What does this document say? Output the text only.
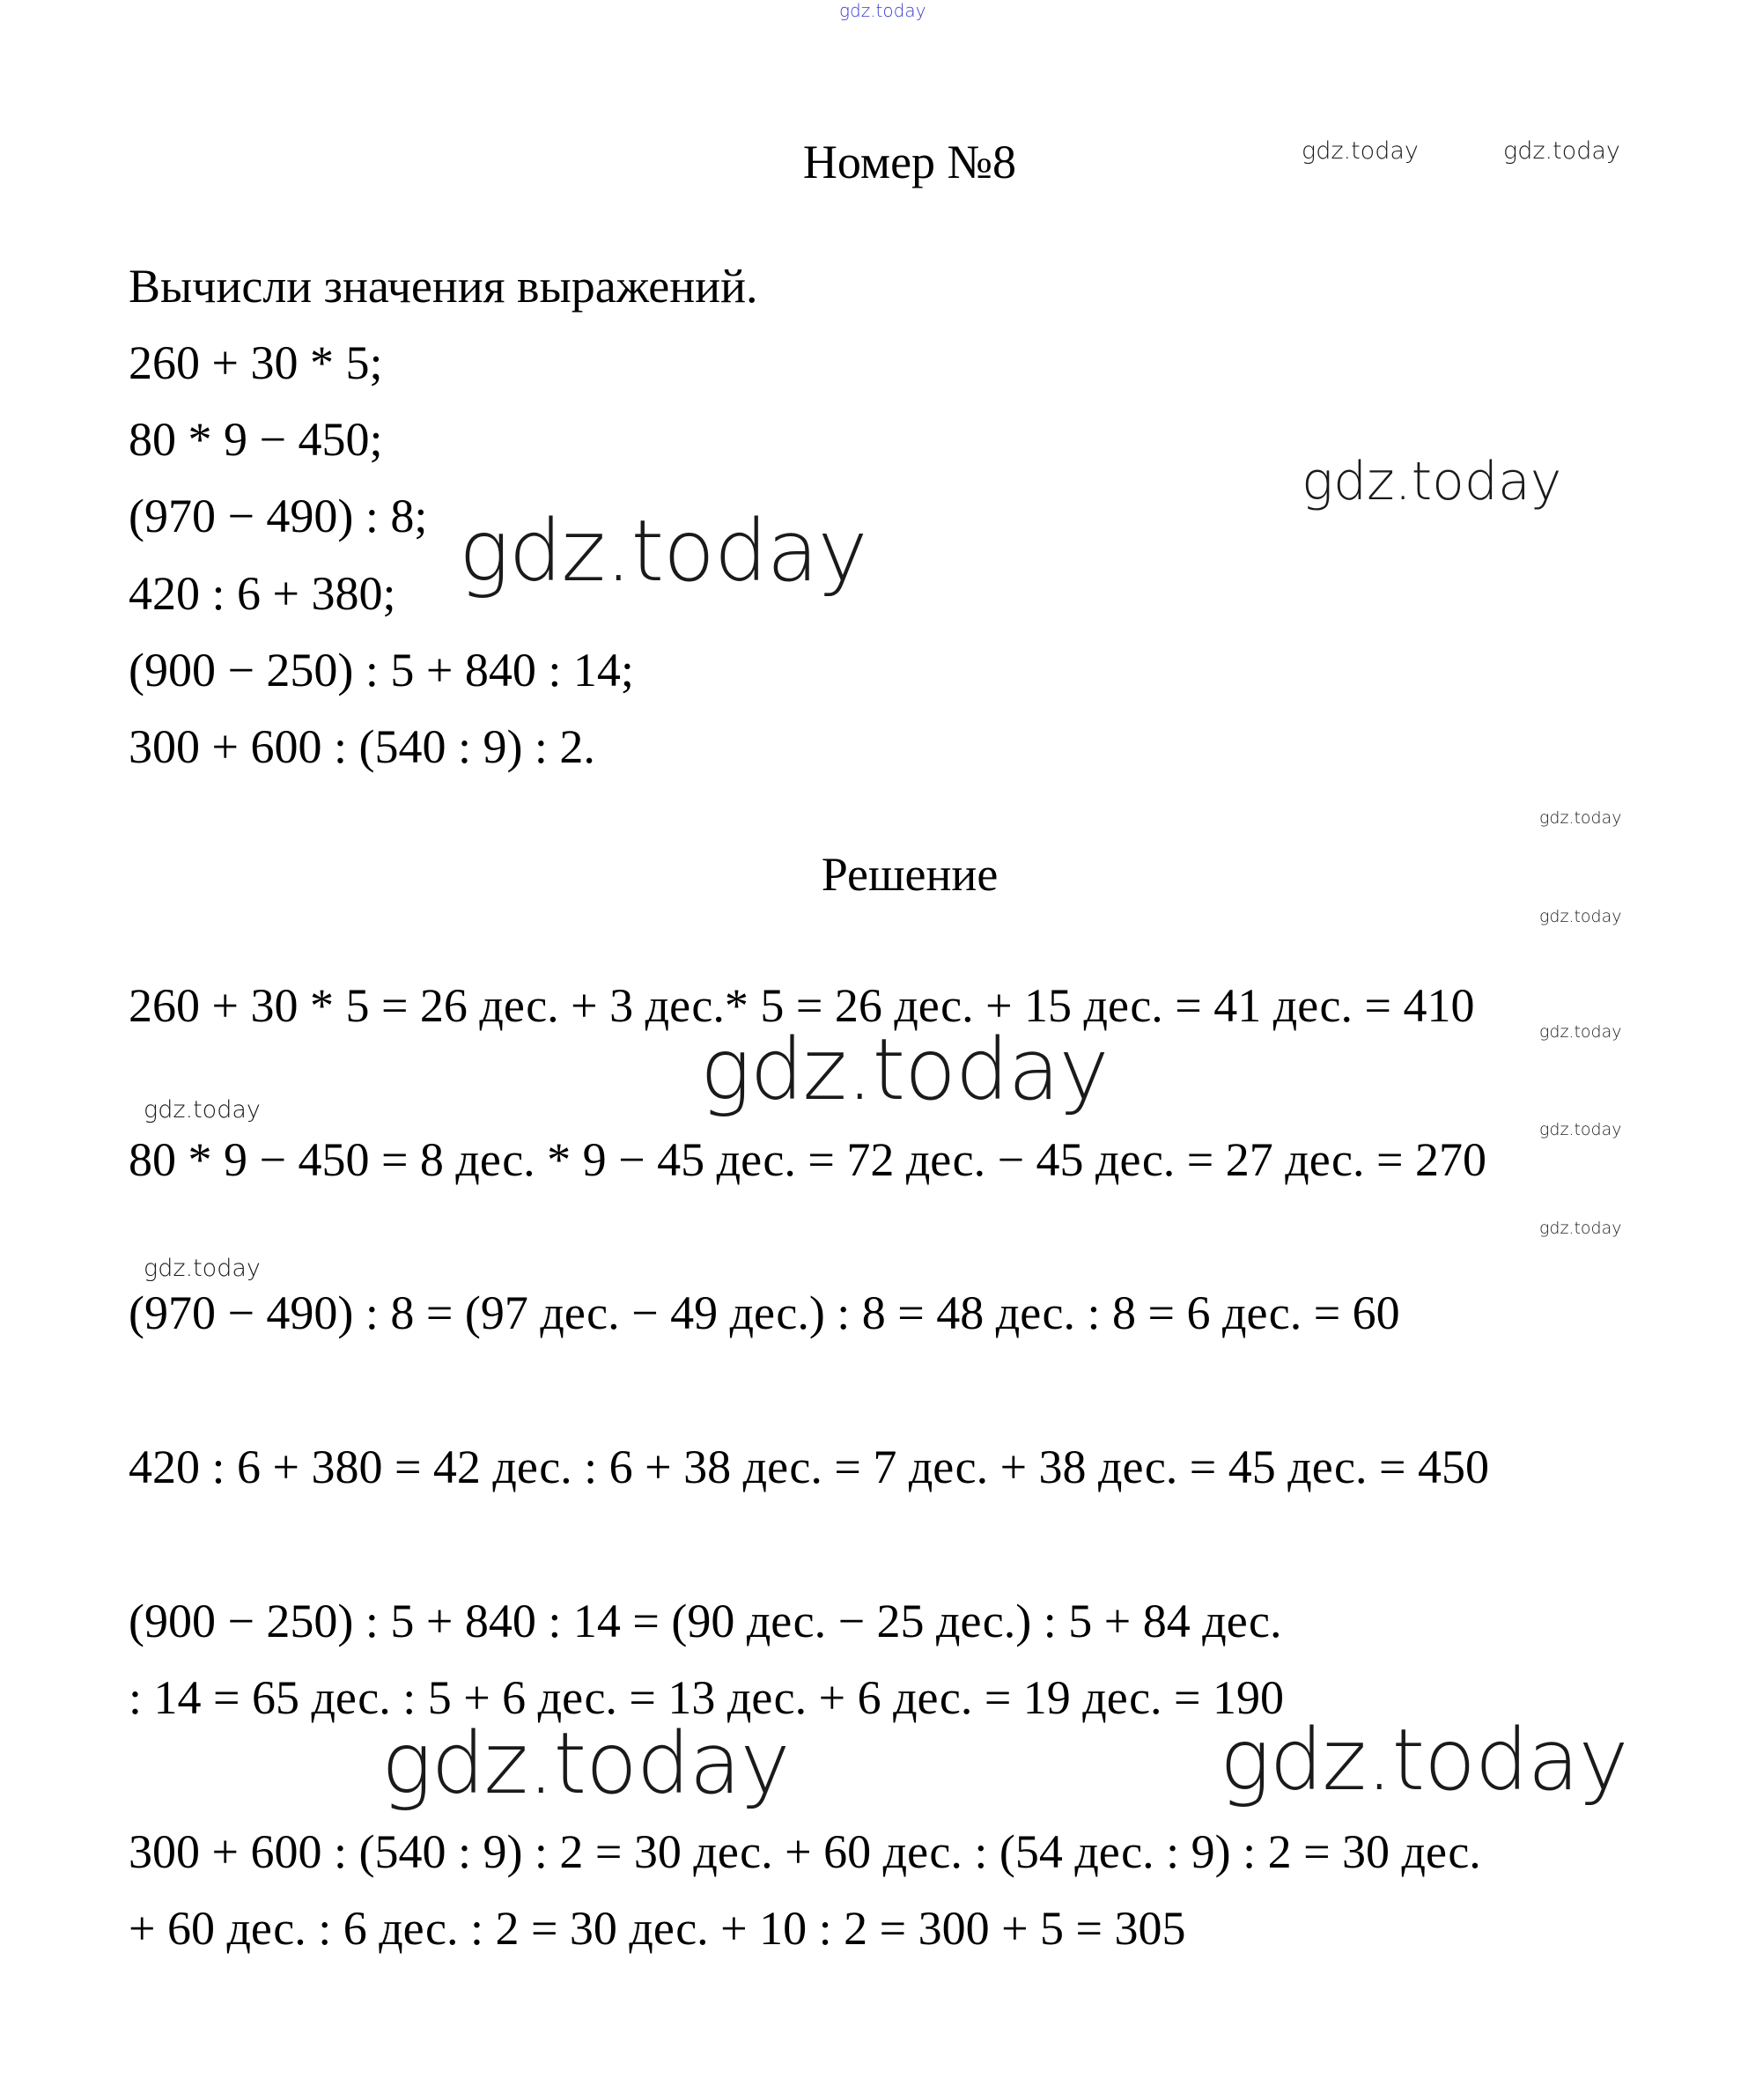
gdz.today
gdz.today	gdz.today
gdz.today
gdz.today
gdz.today
gdz.today
gdz.today
gdz.today
gdz.today
gdz.today
gdz.today
gdz.today
gdz.today	gdz.today
Номер №8
Вычисли значения выражений.
260 + 30 * 5;
80 * 9 − 450;
(970 − 490) : 8;
420 : 6 + 380;
(900 − 250) : 5 + 840 : 14;
300 + 600 : (540 : 9) : 2.
Решение
260 + 30 * 5 = 26 дес. + 3 дес.* 5 = 26 дес. + 15 дес. = 41 дес. = 410
80 * 9 − 450 = 8 дес. * 9 − 45 дес. = 72 дес. − 45 дес. = 27 дес. = 270
(970 − 490) : 8 = (97 дес. − 49 дес.) : 8 = 48 дес. : 8 = 6 дес. = 60
420 : 6 + 380 = 42 дес. : 6 + 38 дес. = 7 дес. + 38 дес. = 45 дес. = 450
(900 − 250) : 5 + 840 : 14 = (90 дес. − 25 дес.) : 5 + 84 дес.
: 14 = 65 дес. : 5 + 6 дес. = 13 дес. + 6 дес. = 19 дес. = 190
300 + 600 : (540 : 9) : 2 = 30 дес. + 60 дес. : (54 дес. : 9) : 2 = 30 дес.
+ 60 дес. : 6 дес. : 2 = 30 дес. + 10 : 2 = 300 + 5 = 305
